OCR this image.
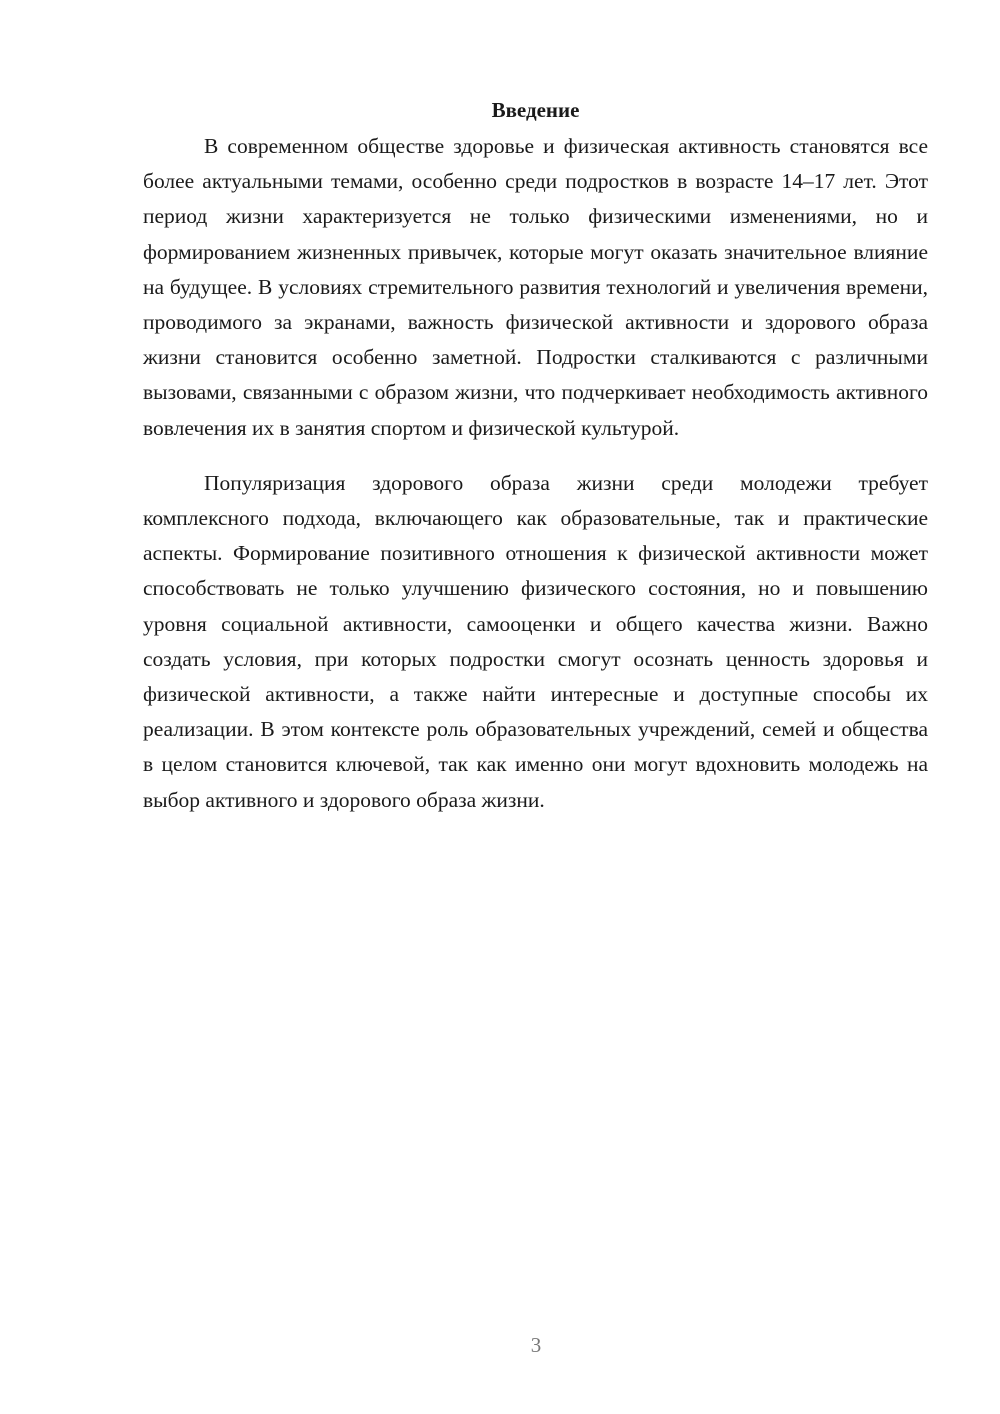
Введение

В современном обществе здоровье и физическая активность становятся все более актуальными темами, особенно среди подростков в возрасте 14–17 лет. Этот период жизни характеризуется не только физическими изменениями, но и формированием жизненных привычек, которые могут оказать значительное влияние на будущее. В условиях стремительного развития технологий и увеличения времени, проводимого за экранами, важность физической активности и здорового образа жизни становится особенно заметной. Подростки сталкиваются с различными вызовами, связанными с образом жизни, что подчеркивает необходимость активного вовлечения их в занятия спортом и физической культурой.

Популяризация здорового образа жизни среди молодежи требует комплексного подхода, включающего как образовательные, так и практические аспекты. Формирование позитивного отношения к физической активности может способствовать не только улучшению физического состояния, но и повышению уровня социальной активности, самооценки и общего качества жизни. Важно создать условия, при которых подростки смогут осознать ценность здоровья и физической активности, а также найти интересные и доступные способы их реализации. В этом контексте роль образовательных учреждений, семей и общества в целом становится ключевой, так как именно они могут вдохновить молодежь на выбор активного и здорового образа жизни.

3
